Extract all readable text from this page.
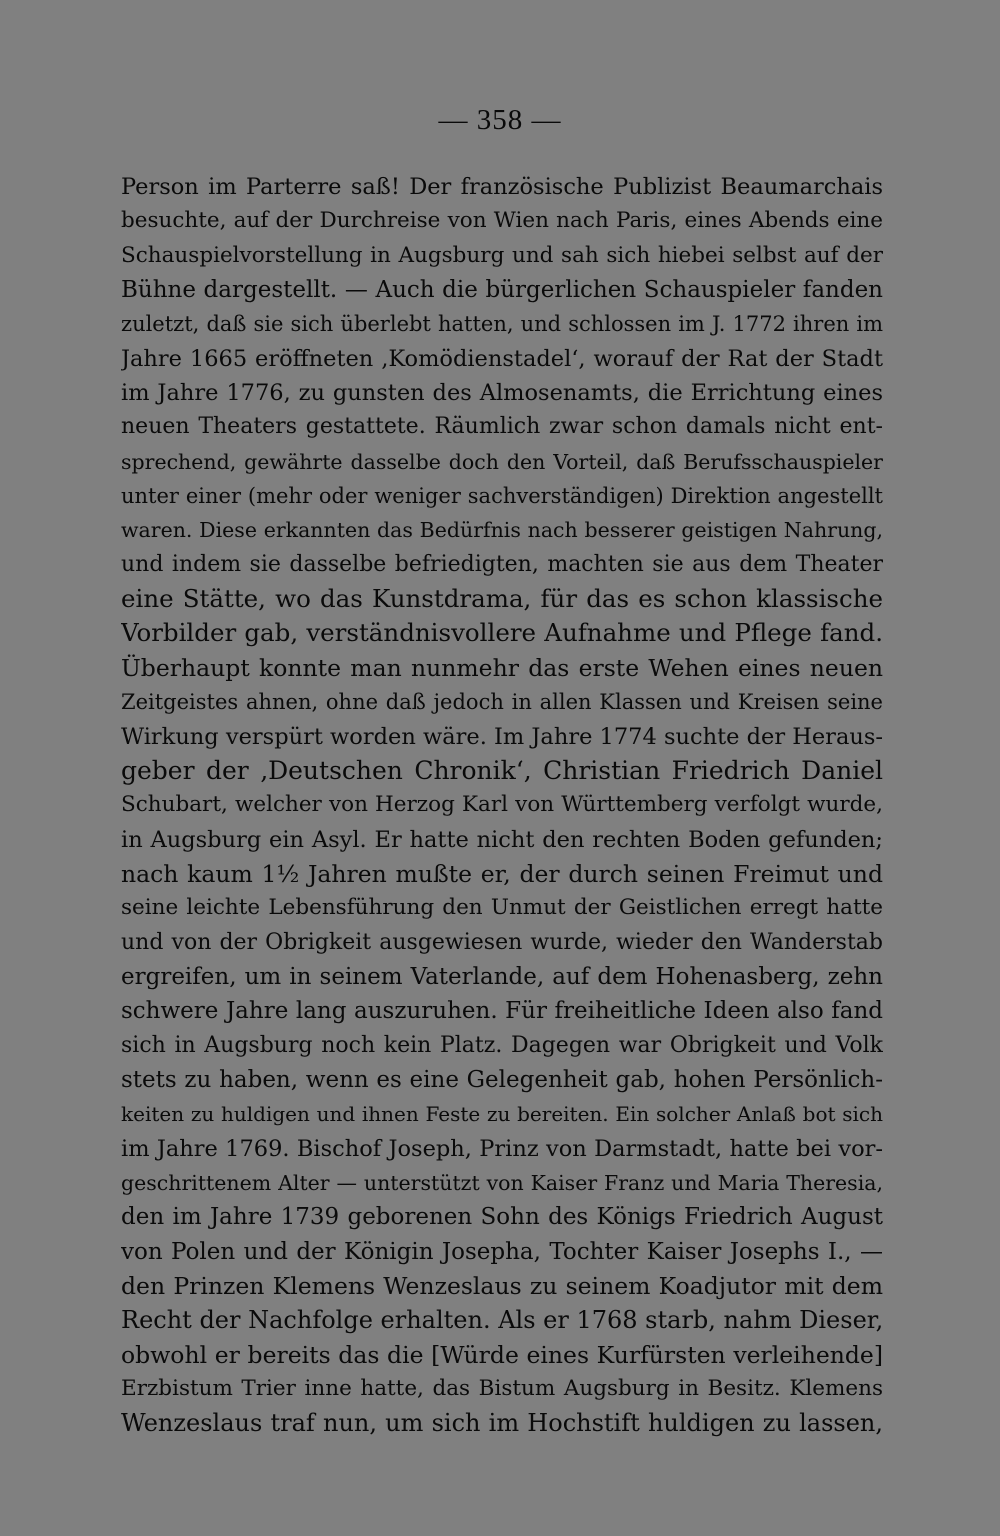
— 358 —
Person im Parterre saß! Der französische Publizist Beaumarchais
besuchte, auf der Durchreise von Wien nach Paris, eines Abends eine
Schauspielvorstellung in Augsburg und sah sich hiebei selbst auf der
Bühne dargestellt. — Auch die bürgerlichen Schauspieler fanden
zuletzt, daß sie sich überlebt hatten, und schlossen im J. 1772 ihren im
Jahre 1665 eröffneten ‚Komödienstadel‘, worauf der Rat der Stadt
im Jahre 1776, zu gunsten des Almosenamts, die Errichtung eines
neuen Theaters gestattete. Räumlich zwar schon damals nicht ent-
sprechend, gewährte dasselbe doch den Vorteil, daß Berufsschauspieler
unter einer (mehr oder weniger sachverständigen) Direktion angestellt
waren. Diese erkannten das Bedürfnis nach besserer geistigen Nahrung,
und indem sie dasselbe befriedigten, machten sie aus dem Theater
eine Stätte, wo das Kunstdrama, für das es schon klassische
Vorbilder gab, verständnisvollere Aufnahme und Pflege fand.
Überhaupt konnte man nunmehr das erste Wehen eines neuen
Zeitgeistes ahnen, ohne daß jedoch in allen Klassen und Kreisen seine
Wirkung verspürt worden wäre. Im Jahre 1774 suchte der Heraus-
geber der ‚Deutschen Chronik‘, Christian Friedrich Daniel
Schubart, welcher von Herzog Karl von Württemberg verfolgt wurde,
in Augsburg ein Asyl. Er hatte nicht den rechten Boden gefunden;
nach kaum 1½ Jahren mußte er, der durch seinen Freimut und
seine leichte Lebensführung den Unmut der Geistlichen erregt hatte
und von der Obrigkeit ausgewiesen wurde, wieder den Wanderstab
ergreifen, um in seinem Vaterlande, auf dem Hohenasberg, zehn
schwere Jahre lang auszuruhen. Für freiheitliche Ideen also fand
sich in Augsburg noch kein Platz. Dagegen war Obrigkeit und Volk
stets zu haben, wenn es eine Gelegenheit gab, hohen Persönlich-
keiten zu huldigen und ihnen Feste zu bereiten. Ein solcher Anlaß bot sich
im Jahre 1769. Bischof Joseph, Prinz von Darmstadt, hatte bei vor-
geschrittenem Alter — unterstützt von Kaiser Franz und Maria Theresia,
den im Jahre 1739 geborenen Sohn des Königs Friedrich August
von Polen und der Königin Josepha, Tochter Kaiser Josephs I., —
den Prinzen Klemens Wenzeslaus zu seinem Koadjutor mit dem
Recht der Nachfolge erhalten. Als er 1768 starb, nahm Dieser,
obwohl er bereits das die [Würde eines Kurfürsten verleihende]
Erzbistum Trier inne hatte, das Bistum Augsburg in Besitz. Klemens
Wenzeslaus traf nun, um sich im Hochstift huldigen zu lassen,
